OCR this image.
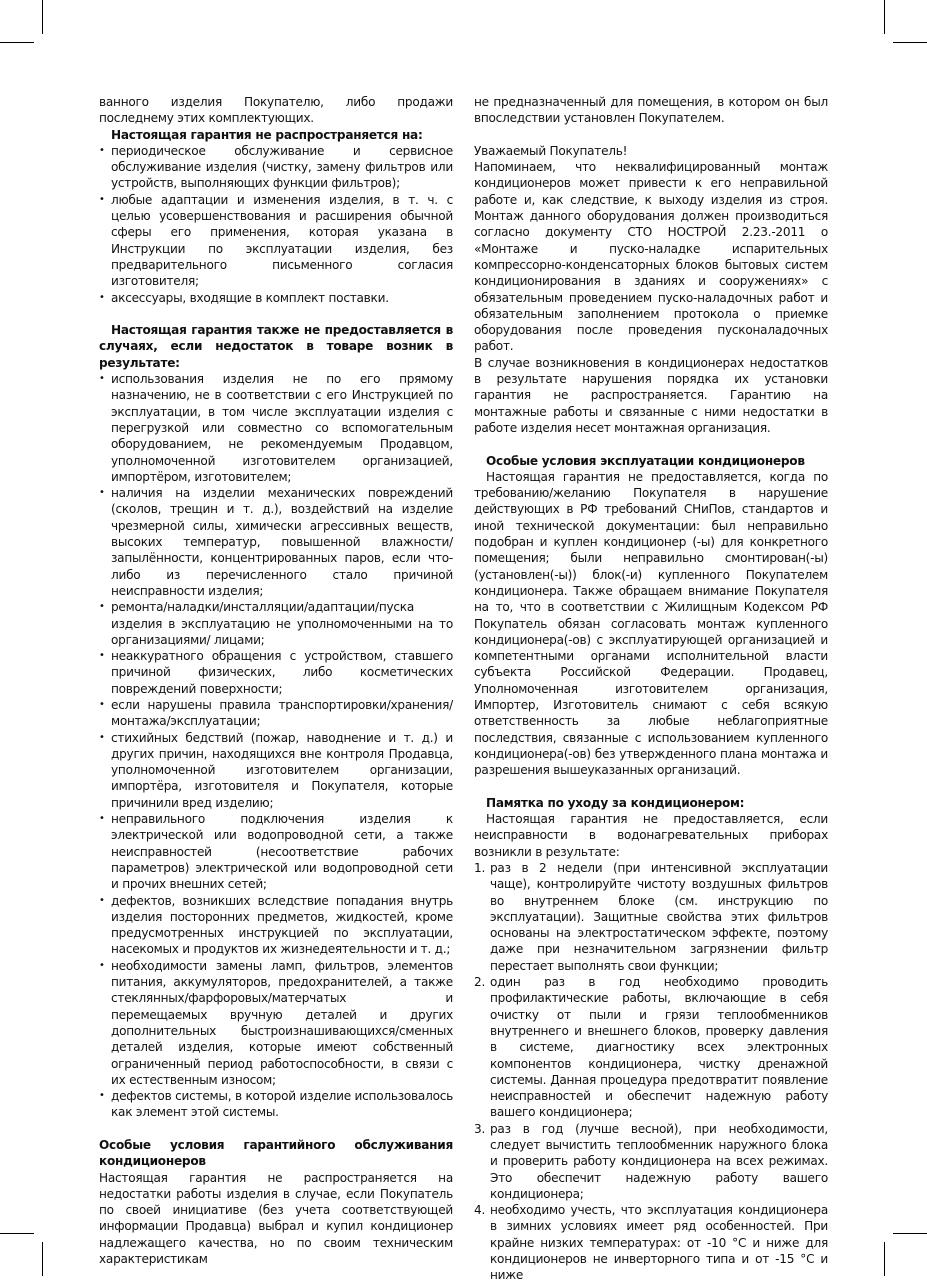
ванного изделия Покупателю, либо продажи последнему этих комплектующих.

Настоящая гарантия не распространяется на:

• периодическое обслуживание и сервисное обслуживание изделия (чистку, замену фильтров или устройств, выполняющих функции фильтров);
• любые адаптации и изменения изделия, в т. ч. с целью усовершенствования и расширения обычной сферы его применения, которая указана в Инструкции по эксплуатации изделия, без предварительного письменного согласия изготовителя;
• аксессуары, входящие в комплект поставки.

Настоящая гарантия также не предоставляется в случаях, если недостаток в товаре возник в результате:

• использования изделия не по его прямому назначению, не в соответствии с его Инструкцией по эксплуатации, в том числе эксплуатации изделия с перегрузкой или совместно со вспомогательным оборудованием, не рекомендуемым Продавцом, уполномоченной изготовителем организацией, импортёром, изготовителем;
• наличия на изделии механических повреждений (сколов, трещин и т. д.), воздействий на изделие чрезмерной силы, химически агрессивных веществ, высоких температур, повышенной влажности/запылённости, концентрированных паров, если что-либо из перечисленного стало причиной неисправности изделия;
• ремонта/наладки/инсталляции/адаптации/пуска изделия в эксплуатацию не уполномоченными на то организациями/ лицами;
• неаккуратного обращения с устройством, ставшего причиной физических, либо косметических повреждений поверхности;
• если нарушены правила транспортировки/хранения/монтажа/эксплуатации;
• стихийных бедствий (пожар, наводнение и т. д.) и других причин, находящихся вне контроля Продавца, уполномоченной изготовителем организации, импортёра, изготовителя и Покупателя, которые причинили вред изделию;
• неправильного подключения изделия к электрической или водопроводной сети, а также неисправностей (несоответствие рабочих параметров) электрической или водопроводной сети и прочих внешних сетей;
• дефектов, возникших вследствие попадания внутрь изделия посторонних предметов, жидкостей, кроме предусмотренных инструкцией по эксплуатации, насекомых и продуктов их жизнедеятельности и т. д.;
• необходимости замены ламп, фильтров, элементов питания, аккумуляторов, предохранителей, а также стеклянных/фарфоровых/матерчатых и перемещаемых вручную деталей и других дополнительных быстроизнашивающихся/сменных деталей изделия, которые имеют собственный ограниченный период работоспособности, в связи с их естественным износом;
• дефектов системы, в которой изделие использовалось как элемент этой системы.

Особые условия гарантийного обслуживания кондиционеров

Настоящая гарантия не распространяется на недостатки работы изделия в случае, если Покупатель по своей инициативе (без учета соответствующей информации Продавца) выбрал и купил кондиционер надлежащего качества, но по своим техническим характеристикам

не предназначенный для помещения, в котором он был впоследствии установлен Покупателем.

Уважаемый Покупатель!

Напоминаем, что неквалифицированный монтаж кондиционеров может привести к его неправильной работе и, как следствие, к выходу изделия из строя. Монтаж данного оборудования должен производиться согласно документу СТО НОСТРОЙ 2.23.-2011 о «Монтаже и пуско-наладке испарительных компрессорно-конденсаторных блоков бытовых систем кондиционирования в зданиях и сооружениях» с обязательным проведением пуско-наладочных работ и обязательным заполнением протокола о приемке оборудования после проведения пусконаладочных работ.

В случае возникновения в кондиционерах недостатков в результате нарушения порядка их установки гарантия не распространяется. Гарантию на монтажные работы и связанные с ними недостатки в работе изделия несет монтажная организация.

Особые условия эксплуатации кондиционеров

Настоящая гарантия не предоставляется, когда по требованию/желанию Покупателя в нарушение действующих в РФ требований СНиПов, стандартов и иной технической документации: был неправильно подобран и куплен кондиционер (-ы) для конкретного помещения; были неправильно смонтирован(-ы) (установлен(-ы)) блок(-и) купленного Покупателем кондиционера. Также обращаем внимание Покупателя на то, что в соответствии с Жилищным Кодексом РФ Покупатель обязан согласовать монтаж купленного кондиционера(-ов) с эксплуатирующей организацией и компетентными органами исполнительной власти субъекта Российской Федерации. Продавец, Уполномоченная изготовителем организация, Импортер, Изготовитель снимают с себя всякую ответственность за любые неблагоприятные последствия, связанные с использованием купленного кондиционера(-ов) без утвержденного плана монтажа и разрешения вышеуказанных организаций.

Памятка по уходу за кондиционером:

Настоящая гарантия не предоставляется, если неисправности в водонагревательных приборах возникли в результате:

1. раз в 2 недели (при интенсивной эксплуатации чаще), контролируйте чистоту воздушных фильтров во внутреннем блоке (см. инструкцию по эксплуатации). Защитные свойства этих фильтров основаны на электростатическом эффекте, поэтому даже при незначительном загрязнении фильтр перестает выполнять свои функции;
2. один раз в год необходимо проводить профилактические работы, включающие в себя очистку от пыли и грязи теплообменников внутреннего и внешнего блоков, проверку давления в системе, диагностику всех электронных компонентов кондиционера, чистку дренажной системы. Данная процедура предотвратит появление неисправностей и обеспечит надежную работу вашего кондиционера;
3. раз в год (лучше весной), при необходимости, следует вычистить теплообменник наружного блока и проверить работу кондиционера на всех режимах. Это обеспечит надежную работу вашего кондиционера;
4. необходимо учесть, что эксплуатация кондиционера в зимних условиях имеет ряд особенностей. При крайне низких температурах: от -10 °С и ниже для кондиционеров не инверторного типа и от -15 °С и ниже
